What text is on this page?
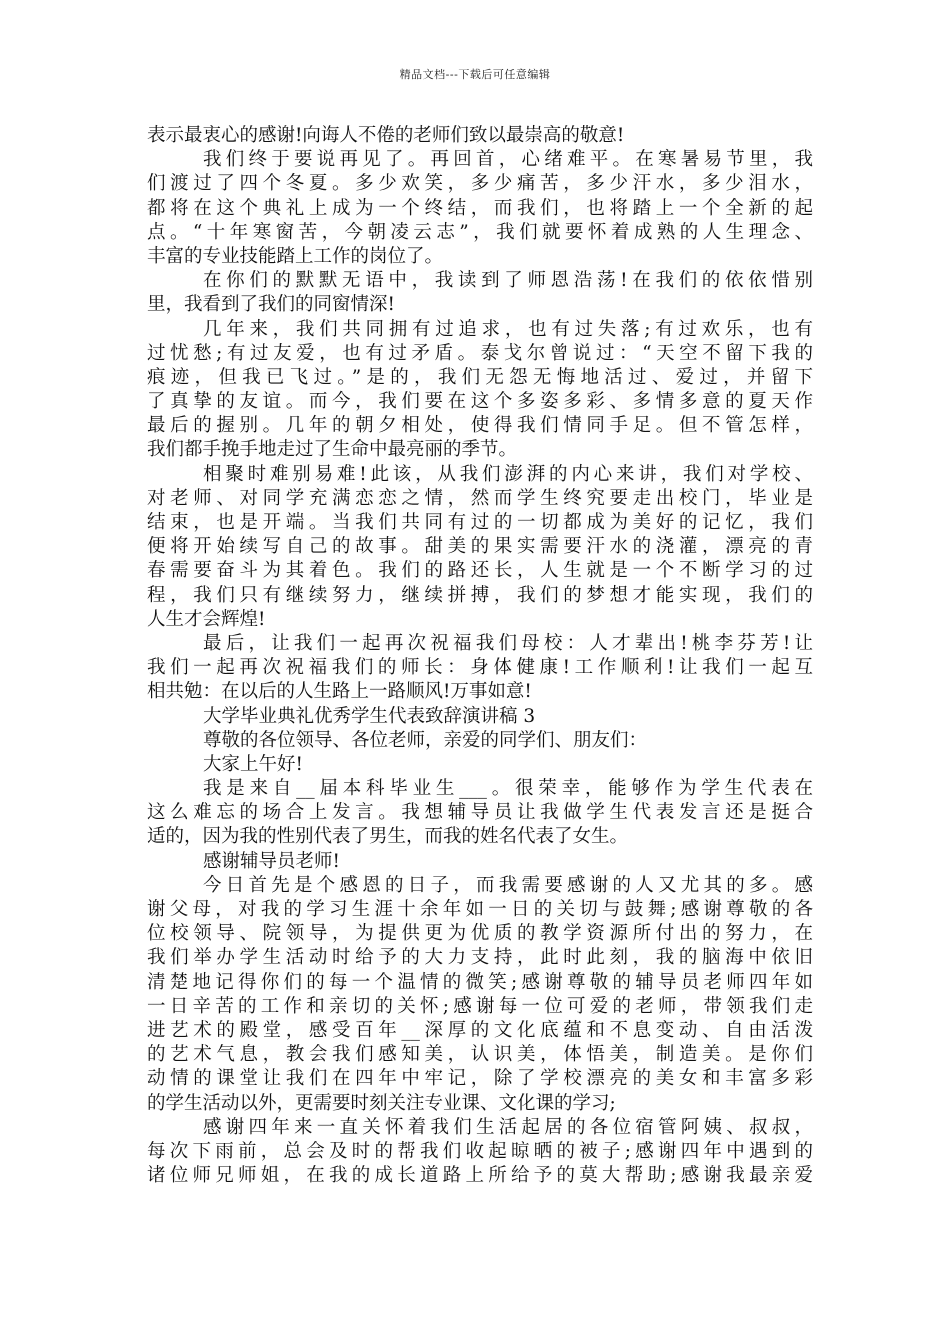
精品文档---下载后可任意编辑
表示最衷心的感谢!向诲人不倦的老师们致以最崇高的敬意!
我们终于要说再见了。再回首，心绪难平。在寒暑易节里，我
们渡过了四个冬夏。多少欢笑，多少痛苦，多少汗水，多少泪水，
都将在这个典礼上成为一个终结，而我们，也将踏上一个全新的起
点。“十年寒窗苦，今朝凌云志”，我们就要怀着成熟的人生理念、
丰富的专业技能踏上工作的岗位了。
在你们的默默无语中，我读到了师恩浩荡!在我们的依依惜别
里，我看到了我们的同窗情深!
几年来，我们共同拥有过追求，也有过失落;有过欢乐，也有
过忧愁;有过友爱，也有过矛盾。泰戈尔曾说过：“天空不留下我的
痕迹，但我已飞过。”是的，我们无怨无悔地活过、爱过，并留下
了真挚的友谊。而今，我们要在这个多姿多彩、多情多意的夏天作
最后的握别。几年的朝夕相处，使得我们情同手足。但不管怎样，
我们都手挽手地走过了生命中最亮丽的季节。
相聚时难别易难!此该，从我们澎湃的内心来讲，我们对学校、
对老师、对同学充满恋恋之情，然而学生终究要走出校门，毕业是
结束，也是开端。当我们共同有过的一切都成为美好的记忆，我们
便将开始续写自己的故事。甜美的果实需要汗水的浇灌，漂亮的青
春需要奋斗为其着色。我们的路还长，人生就是一个不断学习的过
程，我们只有继续努力，继续拼搏，我们的梦想才能实现，我们的
人生才会辉煌!
最后，让我们一起再次祝福我们母校：人才辈出!桃李芬芳!让
我们一起再次祝福我们的师长：身体健康!工作顺利!让我们一起互
相共勉：在以后的人生路上一路顺风!万事如意!
大学毕业典礼优秀学生代表致辞演讲稿 3
尊敬的各位领导、各位老师，亲爱的同学们、朋友们：
大家上午好!
我是来自__届本科毕业生___。很荣幸，能够作为学生代表在
这么难忘的场合上发言。我想辅导员让我做学生代表发言还是挺合
适的，因为我的性别代表了男生，而我的姓名代表了女生。
感谢辅导员老师!
今日首先是个感恩的日子，而我需要感谢的人又尤其的多。感
谢父母，对我的学习生涯十余年如一日的关切与鼓舞;感谢尊敬的各
位校领导、院领导，为提供更为优质的教学资源所付出的努力，在
我们举办学生活动时给予的大力支持，此时此刻，我的脑海中依旧
清楚地记得你们的每一个温情的微笑;感谢尊敬的辅导员老师四年如
一日辛苦的工作和亲切的关怀;感谢每一位可爱的老师，带领我们走
进艺术的殿堂，感受百年__深厚的文化底蕴和不息变动、自由活泼
的艺术气息，教会我们感知美，认识美，体悟美，制造美。是你们
动情的课堂让我们在四年中牢记，除了学校漂亮的美女和丰富多彩
的学生活动以外，更需要时刻关注专业课、文化课的学习;
感谢四年来一直关怀着我们生活起居的各位宿管阿姨、叔叔，
每次下雨前，总会及时的帮我们收起晾晒的被子;感谢四年中遇到的
诸位师兄师姐，在我的成长道路上所给予的莫大帮助;感谢我最亲爱
